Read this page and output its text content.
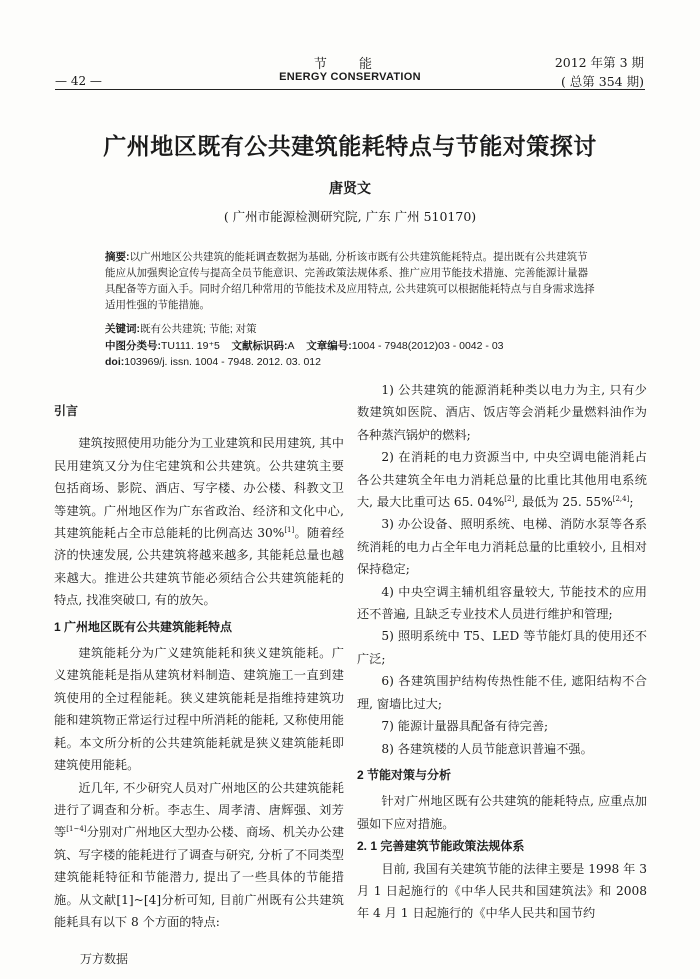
— 42 —
节 能
ENERGY CONSERVATION
2012 年第 3 期
( 总第 354 期)
广州地区既有公共建筑能耗特点与节能对策探讨
唐贤文
( 广州市能源检测研究院, 广东 广州 510170)
摘要:以广州地区公共建筑的能耗调查数据为基础, 分析该市既有公共建筑能耗特点。提出既有公共建筑节能应从加强舆论宣传与提高全员节能意识、完善政策法规体系、推广应用节能技术措施、完善能源计量器具配备等方面入手。同时介绍几种常用的节能技术及应用特点, 公共建筑可以根据能耗特点与自身需求选择适用性强的节能措施。
关键词:既有公共建筑; 节能; 对策
中图分类号:TU111. 19⁺5 文献标识码:A 文章编号:1004 - 7948(2012)03 - 0042 - 03
doi:103969/j. issn. 1004 - 7948. 2012. 03. 012

引言

建筑按照使用功能分为工业建筑和民用建筑, 其中民用建筑又分为住宅建筑和公共建筑。公共建筑主要包括商场、影院、酒店、写字楼、办公楼、科教文卫等建筑。广州地区作为广东省政治、经济和文化中心, 其建筑能耗占全市总能耗的比例高达 30%[1]。随着经济的快速发展, 公共建筑将越来越多, 其能耗总量也越来越大。推进公共建筑节能必须结合公共建筑能耗的特点, 找准突破口, 有的放矢。

1 广州地区既有公共建筑能耗特点

建筑能耗分为广义建筑能耗和狭义建筑能耗。广义建筑能耗是指从建筑材料制造、建筑施工一直到建筑使用的全过程能耗。狭义建筑能耗是指维持建筑功能和建筑物正常运行过程中所消耗的能耗, 又称使用能耗。本文所分析的公共建筑能耗就是狭义建筑能耗即建筑使用能耗。

近几年, 不少研究人员对广州地区的公共建筑能耗进行了调查和分析。李志生、周孝清、唐辉强、刘芳等[1~4]分别对广州地区大型办公楼、商场、机关办公建筑、写字楼的能耗进行了调查与研究, 分析了不同类型建筑能耗特征和节能潜力, 提出了一些具体的节能措施。从文献[1]~[4]分析可知, 目前广州既有公共建筑能耗具有以下 8 个方面的特点:

1) 公共建筑的能源消耗种类以电力为主, 只有少数建筑如医院、酒店、饭店等会消耗少量燃料油作为各种蒸汽锅炉的燃料;

2) 在消耗的电力资源当中, 中央空调电能消耗占各公共建筑全年电力消耗总量的比重比其他用电系统大, 最大比重可达 65. 04%[2], 最低为 25. 55%[2,4];

3) 办公设备、照明系统、电梯、消防水泵等各系统消耗的电力占全年电力消耗总量的比重较小, 且相对保持稳定;

4) 中央空调主辅机组容量较大, 节能技术的应用还不普遍, 且缺乏专业技术人员进行维护和管理;

5) 照明系统中 T5、LED 等节能灯具的使用还不广泛;

6) 各建筑围护结构传热性能不佳, 遮阳结构不合理, 窗墙比过大;

7) 能源计量器具配备有待完善;

8) 各建筑楼的人员节能意识普遍不强。

2 节能对策与分析

针对广州地区既有公共建筑的能耗特点, 应重点加强如下应对措施。

2. 1 完善建筑节能政策法规体系

目前, 我国有关建筑节能的法律主要是 1998 年 3 月 1 日起施行的《中华人民共和国建筑法》和 2008 年 4 月 1 日起施行的《中华人民共和国节约

万方数据
